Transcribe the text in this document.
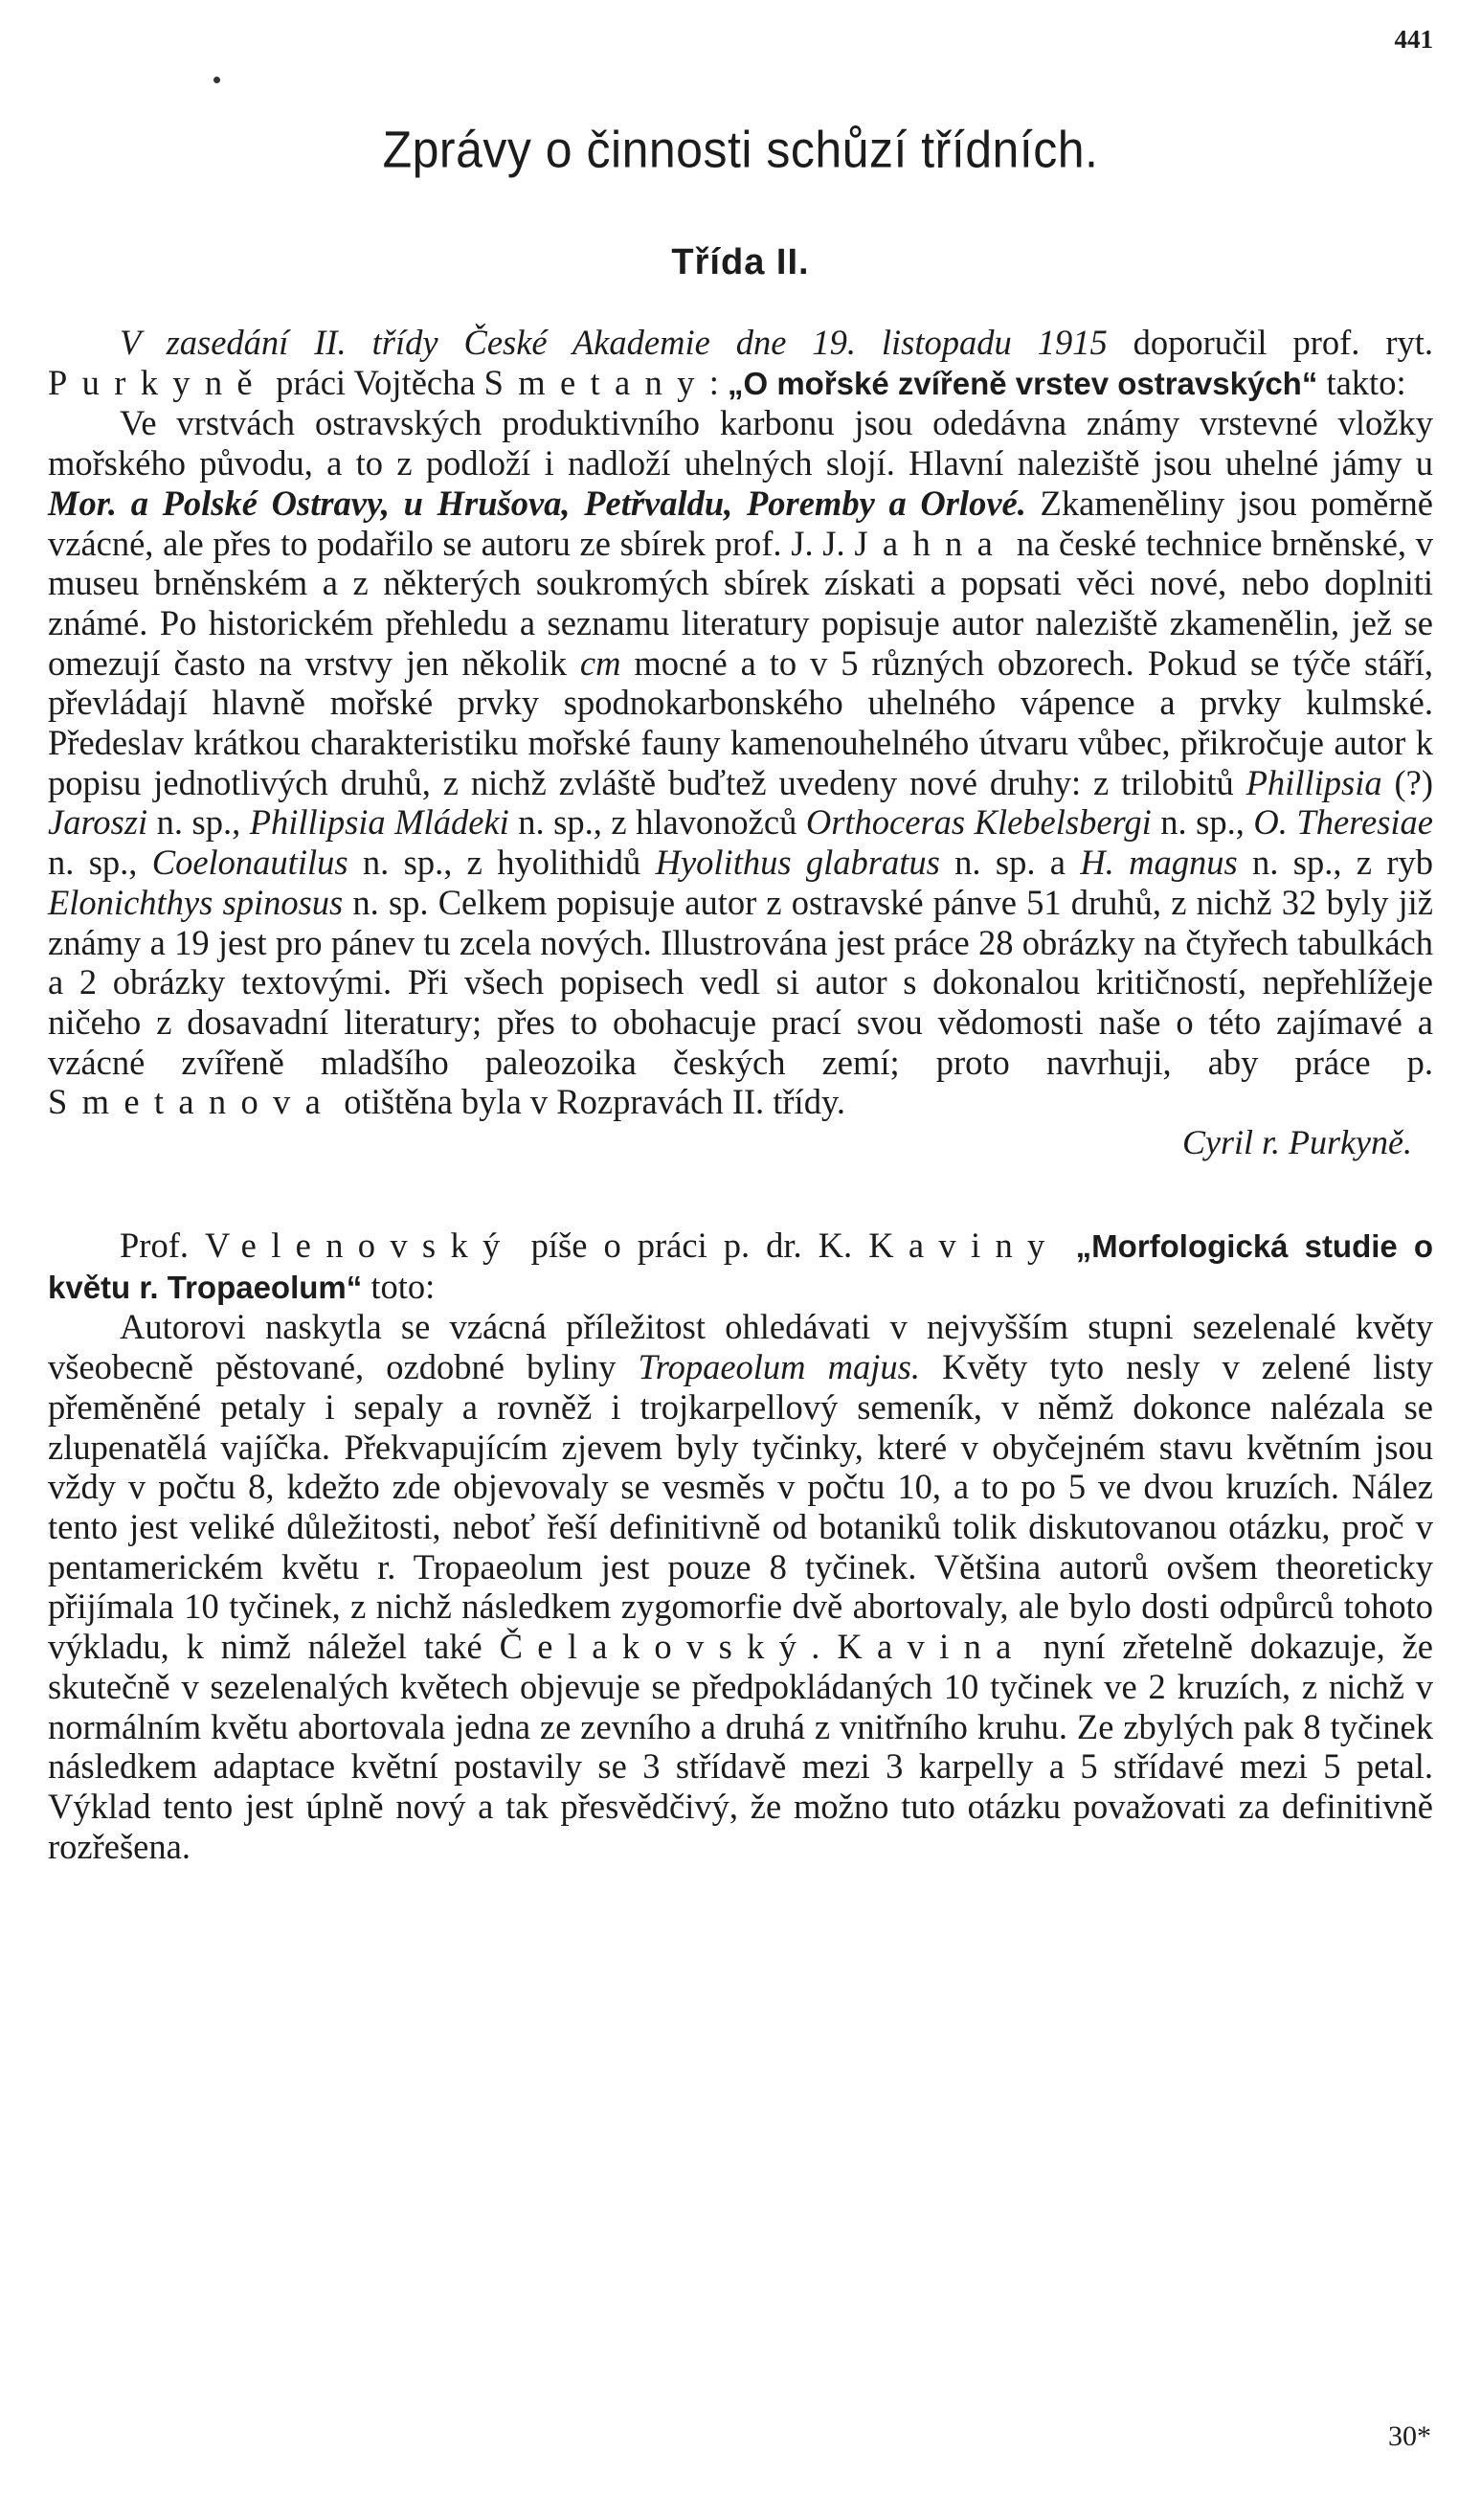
441
Zprávy o činnosti schůzí třídních.
Třída II.

V zasedání II. třídy České Akademie dne 19. listopadu 1915 doporučil prof. ryt. Purkyně práci Vojtěcha Smetany: „O mořské zvířeně vrstev ostravských“ takto:

Ve vrstvách ostravských produktivního karbonu jsou odedávna známy vrstevné vložky mořského původu, a to z podloží i nadloží uhelných slojí. Hlavní naleziště jsou uhelné jámy u Mor. a Polské Ostravy, u Hrušova, Petřvaldu, Poremby a Orlové. Zkameněliny jsou poměrně vzácné, ale přes to podařilo se autoru ze sbírek prof. J. J. Jahna na české technice brněnské, v museu brněnském a z některých soukromých sbírek získati a popsati věci nové, nebo doplniti známé. Po historickém přehledu a seznamu literatury popisuje autor naleziště zkamenělin, jež se omezují často na vrstvy jen několik cm mocné a to v 5 různých obzorech. Pokud se týče stáří, převládají hlavně mořské prvky spodnokarbonského uhelného vápence a prvky kulmské. Předeslav krátkou charakteristiku mořské fauny kamenouhelného útvaru vůbec, přikročuje autor k popisu jednotlivých druhů, z nichž zvláště buďtež uvedeny nové druhy: z trilobitů Phillipsia (?) Jaroszi n. sp., Phillipsia Mládeki n. sp., z hlavonožců Orthoceras Klebelsbergi n. sp., O. Theresiae n. sp., Coelonautilus n. sp., z hyolithidů Hyolithus glabratus n. sp. a H. magnus n. sp., z ryb Elonichthys spinosus n. sp. Celkem popisuje autor z ostravské pánve 51 druhů, z nichž 32 byly již známy a 19 jest pro pánev tu zcela nových. Illustrována jest práce 28 obrázky na čtyřech tabulkách a 2 obrázky textovými. Při všech popisech vedl si autor s dokonalou kritičností, nepřehlížeje ničeho z dosavadní literatury; přes to obohacuje prací svou vědomosti naše o této zajímavé a vzácné zvířeně mladšího paleozoika českých zemí; proto navrhuji, aby práce p. Smetanova otištěna byla v Rozpravách II. třídy.

Cyril r. Purkyně.

Prof. Velenovský píše o práci p. dr. K. Kaviny „Morfologická studie o květu r. Tropaeolum“ toto:

Autorovi naskytla se vzácná příležitost ohledávati v nejvyšším stupni sezelenalé květy všeobecně pěstované, ozdobné byliny Tropaeolum majus. Květy tyto nesly v zelené listy přeměněné petaly i sepaly a rovněž i trojkarpellový semeník, v němž dokonce nalézala se zlupenatělá vajíčka. Překvapujícím zjevem byly tyčinky, které v obyčejném stavu květním jsou vždy v počtu 8, kdežto zde objevovaly se vesměs v počtu 10, a to po 5 ve dvou kruzích. Nález tento jest veliké důležitosti, neboť řeší definitivně od botaniků tolik diskutovanou otázku, proč v pentamerickém květu r. Tropaeolum jest pouze 8 tyčinek. Většina autorů ovšem theoreticky přijímala 10 tyčinek, z nichž následkem zygomorfie dvě abortovaly, ale bylo dosti odpůrců tohoto výkladu, k nimž náležel také Čelakovský. Kavina nyní zřetelně dokazuje, že skutečně v sezelenalých květech objevuje se předpokládaných 10 tyčinek ve 2 kruzích, z nichž v normálním květu abortovala jedna ze zevního a druhá z vnitřního kruhu. Ze zbylých pak 8 tyčinek následkem adaptace květní postavily se 3 střídavě mezi 3 karpelly a 5 střídavé mezi 5 petal. Výklad tento jest úplně nový a tak přesvědčivý, že možno tuto otázku považovati za definitivně rozřešena.

30*
